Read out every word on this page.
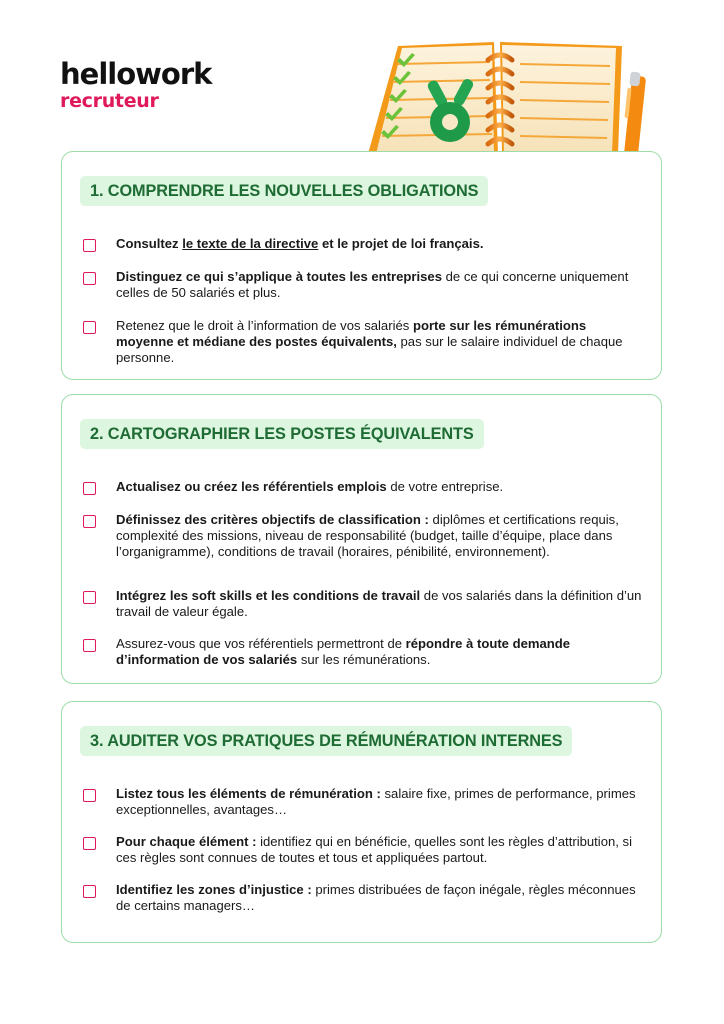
hellowork
recruteur
1. COMPRENDRE LES NOUVELLES OBLIGATIONS
Consultez le texte de la directive et le projet de loi français.
Distinguez ce qui s’applique à toutes les entreprises de ce qui concerne uniquement celles de 50 salariés et plus.
Retenez que le droit à l’information de vos salariés porte sur les rémunérations moyenne et médiane des postes équivalents, pas sur le salaire individuel de chaque personne.
2. CARTOGRAPHIER LES POSTES ÉQUIVALENTS
Actualisez ou créez les référentiels emplois de votre entreprise.
Définissez des critères objectifs de classification : diplômes et certifications requis, complexité des missions, niveau de responsabilité (budget, taille d’équipe, place dans l’organigramme), conditions de travail (horaires, pénibilité, environnement).
Intégrez les soft skills et les conditions de travail de vos salariés dans la définition d’un travail de valeur égale.
Assurez-vous que vos référentiels permettront de répondre à toute demande d’information de vos salariés sur les rémunérations.
3. AUDITER VOS PRATIQUES DE RÉMUNÉRATION INTERNES
Listez tous les éléments de rémunération : salaire fixe, primes de performance, primes exceptionnelles, avantages…
Pour chaque élément : identifiez qui en bénéficie, quelles sont les règles d’attribution, si ces règles sont connues de toutes et tous et appliquées partout.
Identifiez les zones d’injustice : primes distribuées de façon inégale, règles méconnues de certains managers…
